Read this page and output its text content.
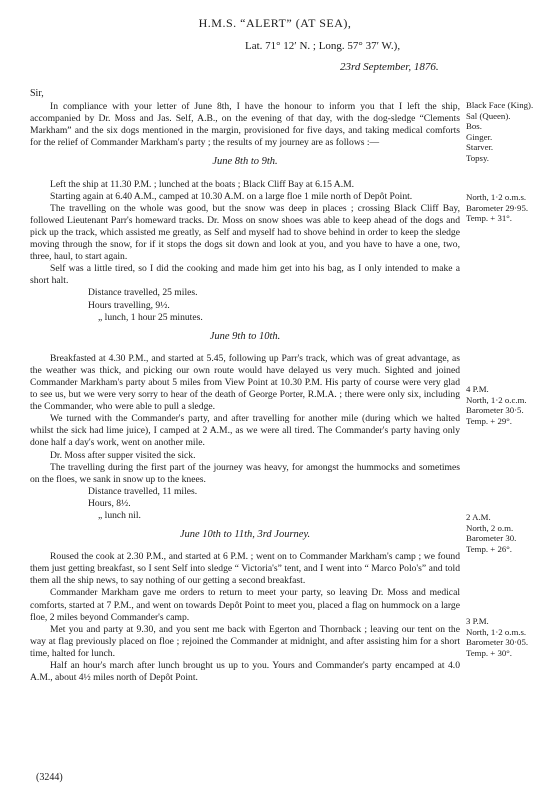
H.M.S. “ALERT” (AT SEA),
Lat. 71° 12′ N. ; Long. 57° 37′ W.),
23rd September, 1876.

Sir,

In compliance with your letter of June 8th, I have the honour to inform you that I left the ship, accompanied by Dr. Moss and Jas. Self, A.B., on the evening of that day, with the dog-sledge “Clements Markham” and the six dogs mentioned in the margin, provisioned for five days, and taking medical comforts for the relief of Commander Markham's party ; the results of my journey are as follows :—

June 8th to 9th.

Left the ship at 11.30 P.M. ; lunched at the boats ; Black Cliff Bay at 6.15 A.M.

Starting again at 6.40 A.M., camped at 10.30 A.M. on a large floe 1 mile north of Depôt Point.

The travelling on the whole was good, but the snow was deep in places ; crossing Black Cliff Bay, followed Lieutenant Parr's homeward tracks. Dr. Moss on snow shoes was able to keep ahead of the dogs and pick up the track, which assisted me greatly, as Self and myself had to shove behind in order to keep the sledge moving through the snow, for if it stops the dogs sit down and look at you, and you have to have a one, two, three, haul, to start again.

Self was a little tired, so I did the cooking and made him get into his bag, as I only intended to make a short halt.

Distance travelled, 25 miles.

Hours travelling, 9½.

„ lunch, 1 hour 25 minutes.

June 9th to 10th.

Breakfasted at 4.30 P.M., and started at 5.45, following up Parr's track, which was of great advantage, as the weather was thick, and picking our own route would have delayed us very much. Sighted and joined Commander Markham's party about 5 miles from View Point at 10.30 P.M. His party of course were very glad to see us, but we were very sorry to hear of the death of George Porter, R.M.A. ; there were only six, including the Commander, who were able to pull a sledge.

We turned with the Commander's party, and after travelling for another mile (during which we halted whilst the sick had lime juice), I camped at 2 A.M., as we were all tired. The Commander's party having only done half a day's work, went on another mile.

Dr. Moss after supper visited the sick.

The travelling during the first part of the journey was heavy, for amongst the hummocks and sometimes on the floes, we sank in snow up to the knees.

Distance travelled, 11 miles.

Hours, 8½.

„ lunch nil.

June 10th to 11th, 3rd Journey.

Roused the cook at 2.30 P.M., and started at 6 P.M. ; went on to Commander Markham's camp ; we found them just getting breakfast, so I sent Self into sledge “ Victoria's” tent, and I went into “ Marco Polo's” and told them all the ship news, to say nothing of our getting a second breakfast.

Commander Markham gave me orders to return to meet your party, so leaving Dr. Moss and medical comforts, started at 7 P.M., and went on towards Depôt Point to meet you, placed a flag on hummock on a large floe, 2 miles beyond Commander's camp.

Met you and party at 9.30, and you sent me back with Egerton and Thornback ; leaving our tent on the way at flag previously placed on floe ; rejoined the Commander at midnight, and after assisting him for a short time, halted for lunch.

Half an hour's march after lunch brought us up to you. Yours and Commander's party encamped at 4.0 A.M., about 4½ miles north of Depôt Point.

Black Face (King).
Sal (Queen).
Bos.
Ginger.
Starver.
Topsy.
North, 1·2 o.m.s.
Barometer 29·95.
Temp. + 31°.
4 P.M.
North, 1·2 o.c.m.
Barometer 30·5.
Temp. + 29°.
2 A.M.
North, 2 o.m.
Barometer 30.
Temp. + 26°.
3 P.M.
North, 1·2 o.m.s.
Barometer 30·05.
Temp. + 30°.
(3244)
